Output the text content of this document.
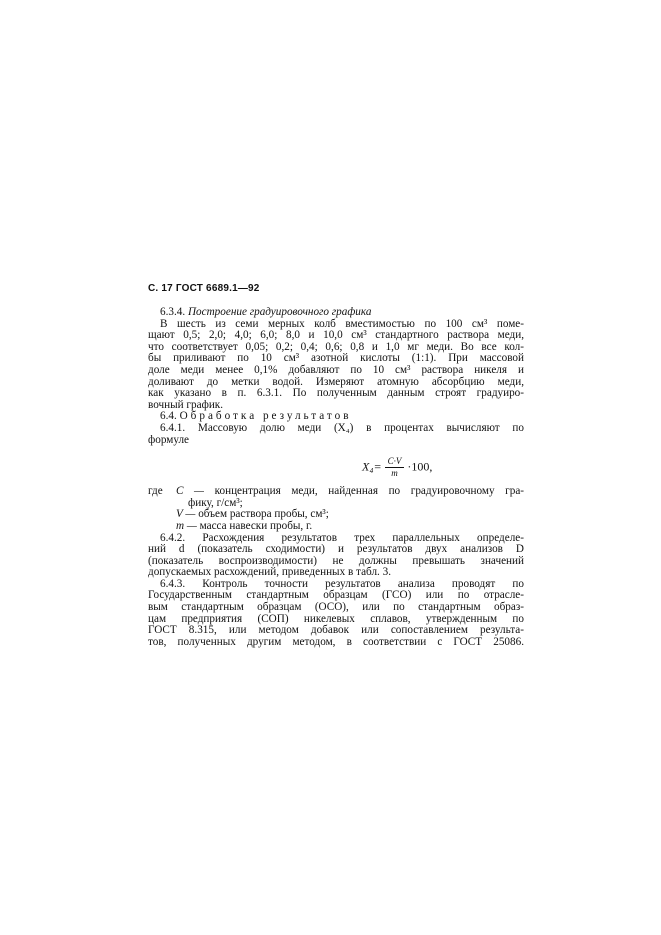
С. 17 ГОСТ 6689.1—92
6.3.4. Построение градуировочного графика
В шесть из семи мерных колб вместимостью по 100 см³ поме-
щают 0,5; 2,0; 4,0; 6,0; 8,0 и 10,0 см³ стандартного раствора меди,
что соответствует 0,05; 0,2; 0,4; 0,6; 0,8 и 1,0 мг меди. Во все кол-
бы приливают по 10 см³ азотной кислоты (1:1). При массовой
доле меди менее 0,1% добавляют по 10 см³ раствора никеля и
доливают до метки водой. Измеряют атомную абсорбцию меди,
как указано в п. 6.3.1. По полученным данным строят градуиро-
вочный график.
6.4. Обработка результатов
6.4.1. Массовую долю меди (X₄) в процентах вычисляют по
формуле
$X_4= \frac{C\cdot V}{m} \cdot 100$,
где	C — концентрация меди, найденная по градуировочному гра-
фику, г/см³;
V — объем раствора пробы, см³;
m — масса навески пробы, г.
6.4.2. Расхождения результатов трех параллельных определе-
ний d (показатель сходимости) и результатов двух анализов D
(показатель воспроизводимости) не должны превышать значений
допускаемых расхождений, приведенных в табл. 3.
6.4.3. Контроль точности результатов анализа проводят по
Государственным стандартным образцам (ГСО) или по отрасле-
вым стандартным образцам (ОСО), или по стандартным образ-
цам предприятия (СОП) никелевых сплавов, утвержденным по
ГОСТ 8.315, или методом добавок или сопоставлением результа-
тов, полученных другим методом, в соответствии с ГОСТ 25086.
